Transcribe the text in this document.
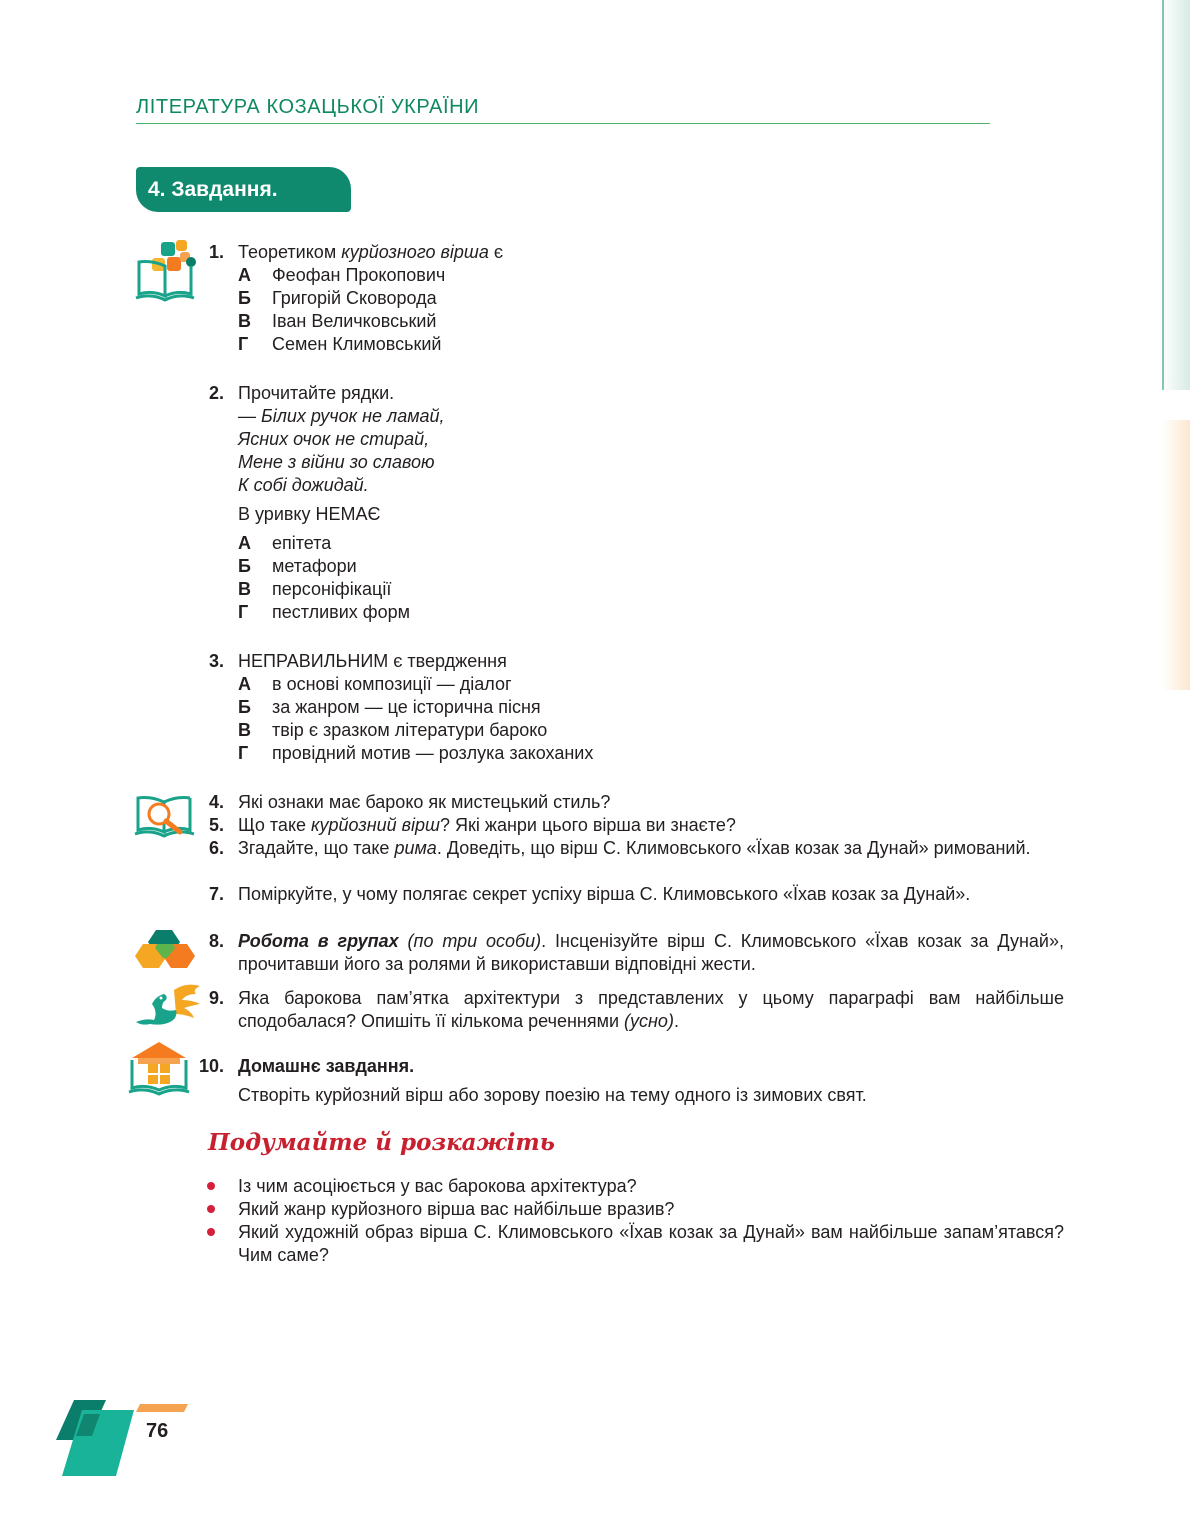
ЛІТЕРАТУРА КОЗАЦЬКОЇ УКРАЇНИ
4. Завдання.
1. Теоретиком курйозного вірша є
А Феофан Прокопович
Б Григорій Сковорода
В Іван Величковський
Г Семен Климовський
2. Прочитайте рядки.
— Білих ручок не ламай,
Ясних очок не стирай,
Мене з війни зо славою
К собі дожидай.
В уривку НЕМАЄ
А епітета
Б метафори
В персоніфікації
Г пестливих форм
3. НЕПРАВИЛЬНИМ є твердження
А в основі композиції — діалог
Б за жанром — це історична пісня
В твір є зразком літератури бароко
Г провідний мотив — розлука закоханих
4. Які ознаки має бароко як мистецький стиль?
5. Що таке курйозний вірш? Які жанри цього вірша ви знаєте?
6. Згадайте, що таке рима. Доведіть, що вірш С. Климовського «Їхав козак за Дунай» римований.
7. Поміркуйте, у чому полягає секрет успіху вірша С. Климовського «Їхав козак за Дунай».
8. Робота в групах (по три особи). Інсценізуйте вірш С. Климовського «Їхав козак за Дунай», прочитавши його за ролями й використавши відповідні жести.
9. Яка барокова пам’ятка архітектури з представлених у цьому параграфі вам найбільше сподобалася? Опишіть її кількома реченнями (усно).
10. Домашнє завдання.
Створіть курйозний вірш або зорову поезію на тему одного із зимових свят.
Подумайте й розкажіть
Із чим асоціюється у вас барокова архітектура?
Який жанр курйозного вірша вас найбільше вразив?
Який художній образ вірша С. Климовського «Їхав козак за Дунай» вам найбільше запам’ятався? Чим саме?
76
